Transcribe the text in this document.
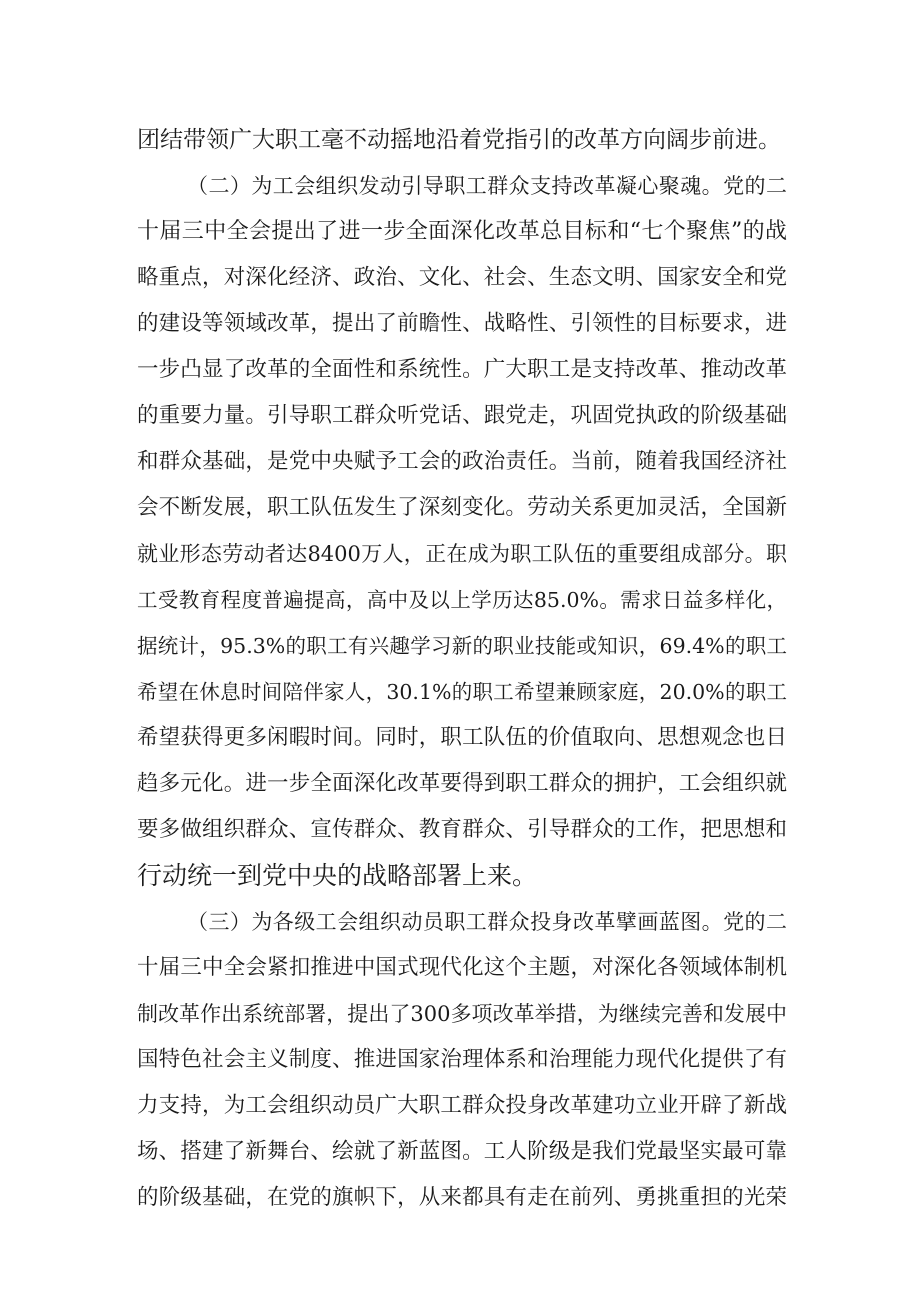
团结带领广大职工毫不动摇地沿着党指引的改革方向阔步前进。
（二）为工会组织发动引导职工群众支持改革凝心聚魂。党的二
十届三中全会提出了进一步全面深化改革总目标和“七个聚焦”的战
略重点，对深化经济、政治、文化、社会、生态文明、国家安全和党
的建设等领域改革，提出了前瞻性、战略性、引领性的目标要求，进
一步凸显了改革的全面性和系统性。广大职工是支持改革、推动改革
的重要力量。引导职工群众听党话、跟党走，巩固党执政的阶级基础
和群众基础，是党中央赋予工会的政治责任。当前，随着我国经济社
会不断发展，职工队伍发生了深刻变化。劳动关系更加灵活，全国新
就业形态劳动者达8400万人，正在成为职工队伍的重要组成部分。职
工受教育程度普遍提高，高中及以上学历达85.0%。需求日益多样化，
据统计，95.3%的职工有兴趣学习新的职业技能或知识，69.4%的职工
希望在休息时间陪伴家人，30.1%的职工希望兼顾家庭，20.0%的职工
希望获得更多闲暇时间。同时，职工队伍的价值取向、思想观念也日
趋多元化。进一步全面深化改革要得到职工群众的拥护，工会组织就
要多做组织群众、宣传群众、教育群众、引导群众的工作，把思想和
行动统一到党中央的战略部署上来。
（三）为各级工会组织动员职工群众投身改革擘画蓝图。党的二
十届三中全会紧扣推进中国式现代化这个主题，对深化各领域体制机
制改革作出系统部署，提出了300多项改革举措，为继续完善和发展中
国特色社会主义制度、推进国家治理体系和治理能力现代化提供了有
力支持，为工会组织动员广大职工群众投身改革建功立业开辟了新战
场、搭建了新舞台、绘就了新蓝图。工人阶级是我们党最坚实最可靠
的阶级基础，在党的旗帜下，从来都具有走在前列、勇挑重担的光荣
